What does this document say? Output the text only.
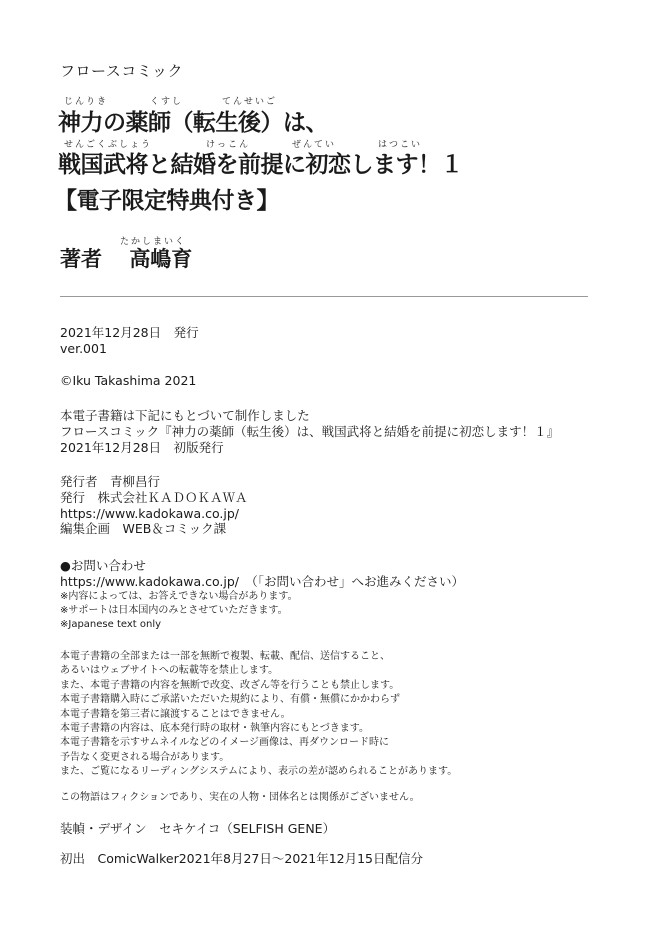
フロースコミック
じんりき	くすし	てんせいご
神力の薬師（転生後）は、
せんごくぶしょう	けっこん	ぜんてい	はつこい
戦国武将と結婚を前提に初恋します！１
【電子限定特典付き】
たかしまいく
著者 高嶋育
2021年12月28日　発行
ver.001
©Iku Takashima 2021
本電子書籍は下記にもとづいて制作しました
フロースコミック『神力の薬師（転生後）は、戦国武将と結婚を前提に初恋します！１』
2021年12月28日　初版発行
発行者　青柳昌行
発行　株式会社ＫＡＤＯＫＡＷＡ
https://www.kadokawa.co.jp/
編集企画　WEB＆コミック課
●お問い合わせ
https://www.kadokawa.co.jp/　（「お問い合わせ」へお進みください）
※内容によっては、お答えできない場合があります。
※サポートは日本国内のみとさせていただきます。
※Japanese text only
本電子書籍の全部または一部を無断で複製、転載、配信、送信すること、
あるいはウェブサイトへの転載等を禁止します。
また、本電子書籍の内容を無断で改変、改ざん等を行うことも禁止します。
本電子書籍購入時にご承諾いただいた規約により、有償・無償にかかわらず
本電子書籍を第三者に譲渡することはできません。
本電子書籍の内容は、底本発行時の取材・執筆内容にもとづきます。
本電子書籍を示すサムネイルなどのイメージ画像は、再ダウンロード時に
予告なく変更される場合があります。
また、ご覧になるリーディングシステムにより、表示の差が認められることがあります。
この物語はフィクションであり、実在の人物・団体名とは関係がございません。
装幀・デザイン　セキケイコ（SELFISH GENE）
初出　ComicWalker2021年8月27日～2021年12月15日配信分
